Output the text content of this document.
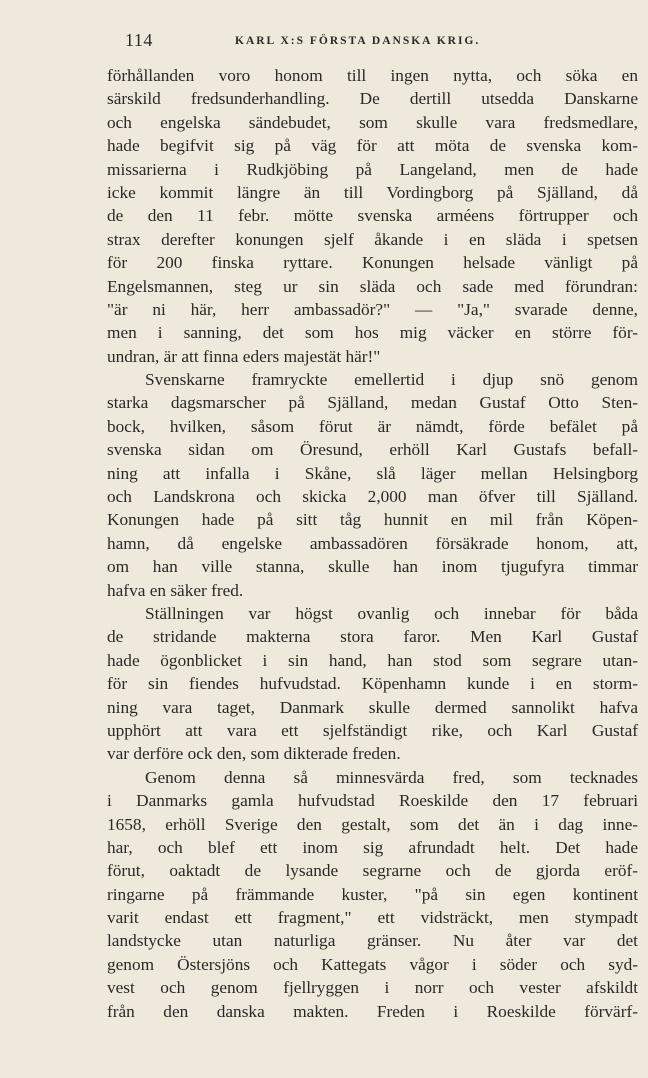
114	KARL X:S FÖRSTA DANSKA KRIG.
förhållanden voro honom till ingen nytta, och söka en
särskild fredsunderhandling. De dertill utsedda Danskarne
och engelska sändebudet, som skulle vara fredsmedlare,
hade begifvit sig på väg för att möta de svenska kom-
missarierna i Rudkjöbing på Langeland, men de hade
icke kommit längre än till Vordingborg på Själland, då
de den 11 febr. mötte svenska arméens förtrupper och
strax derefter konungen sjelf åkande i en släda i spetsen
för 200 finska ryttare. Konungen helsade vänligt på
Engelsmannen, steg ur sin släda och sade med förundran:
"är ni här, herr ambassadör?" — "Ja," svarade denne,
men i sanning, det som hos mig väcker en större för-
undran, är att finna eders majestät här!"
Svenskarne framryckte emellertid i djup snö genom
starka dagsmarscher på Själland, medan Gustaf Otto Sten-
bock, hvilken, såsom förut är nämdt, förde befälet på
svenska sidan om Öresund, erhöll Karl Gustafs befall-
ning att infalla i Skåne, slå läger mellan Helsingborg
och Landskrona och skicka 2,000 man öfver till Själland.
Konungen hade på sitt tåg hunnit en mil från Köpen-
hamn, då engelske ambassadören försäkrade honom, att,
om han ville stanna, skulle han inom tjugufyra timmar
hafva en säker fred.
Ställningen var högst ovanlig och innebar för båda
de stridande makterna stora faror. Men Karl Gustaf
hade ögonblicket i sin hand, han stod som segrare utan-
för sin fiendes hufvudstad. Köpenhamn kunde i en storm-
ning vara taget, Danmark skulle dermed sannolikt hafva
upphört att vara ett sjelfständigt rike, och Karl Gustaf
var derföre ock den, som dikterade freden.
Genom denna så minnesvärda fred, som tecknades
i Danmarks gamla hufvudstad Roeskilde den 17 februari
1658, erhöll Sverige den gestalt, som det än i dag inne-
har, och blef ett inom sig afrundadt helt. Det hade
förut, oaktadt de lysande segrarne och de gjorda eröf-
ringarne på främmande kuster, "på sin egen kontinent
varit endast ett fragment," ett vidsträckt, men stympadt
landstycke utan naturliga gränser. Nu åter var det
genom Östersjöns och Kattegats vågor i söder och syd-
vest och genom fjellryggen i norr och vester afskildt
från den danska makten. Freden i Roeskilde förvärf-
